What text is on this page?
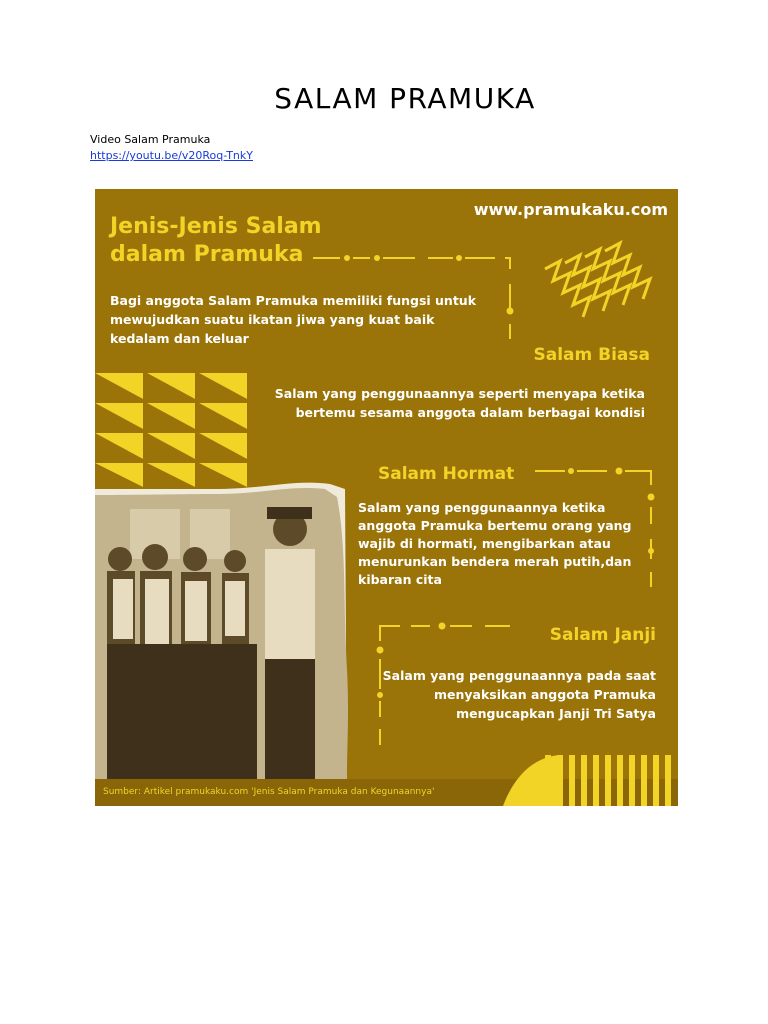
SALAM PRAMUKA
Video Salam Pramuka
https://youtu.be/v20Roq-TnkY
Jenis-Jenis Salam
dalam Pramuka
www.pramukaku.com
Bagi anggota Salam Pramuka memiliki fungsi untuk mewujudkan suatu ikatan jiwa yang kuat baik kedalam dan keluar
Salam Biasa
Salam yang penggunaannya seperti menyapa ketika bertemu sesama anggota dalam berbagai kondisi
Salam Hormat
Salam yang penggunaannya ketika anggota Pramuka bertemu orang yang wajib di hormati, mengibarkan atau menurunkan bendera merah putih,dan kibaran cita
Salam Janji
Salam yang penggunaannya pada saat menyaksikan anggota Pramuka mengucapkan Janji Tri Satya
Sumber: Artikel pramukaku.com 'Jenis Salam Pramuka dan Kegunaannya'
